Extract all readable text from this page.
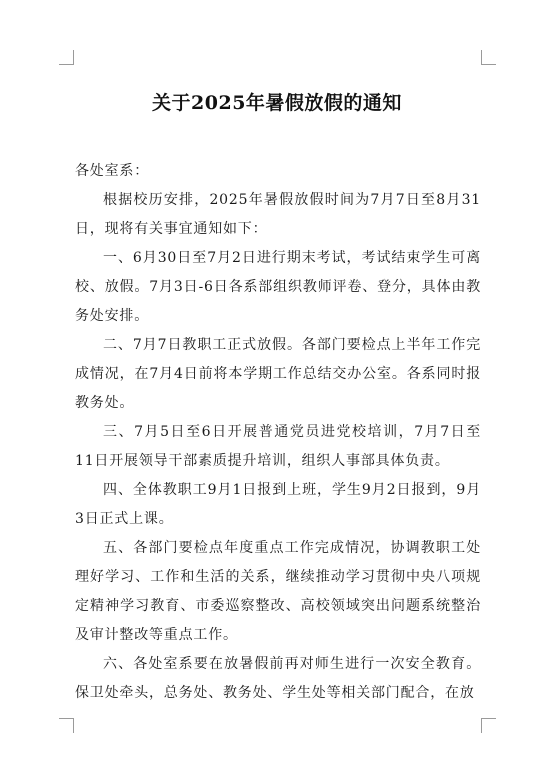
关于2025年暑假放假的通知

各处室系：

根据校历安排，2025年暑假放假时间为7月7日至8月31日，现将有关事宜通知如下：

一、6月30日至7月2日进行期末考试，考试结束学生可离校、放假。7月3日-6日各系部组织教师评卷、登分，具体由教务处安排。

二、7月7日教职工正式放假。各部门要检点上半年工作完成情况，在7月4日前将本学期工作总结交办公室。各系同时报教务处。

三、7月5日至6日开展普通党员进党校培训，7月7日至11日开展领导干部素质提升培训，组织人事部具体负责。

四、全体教职工9月1日报到上班，学生9月2日报到，9月3日正式上课。

五、各部门要检点年度重点工作完成情况，协调教职工处理好学习、工作和生活的关系，继续推动学习贯彻中央八项规定精神学习教育、市委巡察整改、高校领域突出问题系统整治及审计整改等重点工作。

六、各处室系要在放暑假前再对师生进行一次安全教育。保卫处牵头，总务处、教务处、学生处等相关部门配合，在放
